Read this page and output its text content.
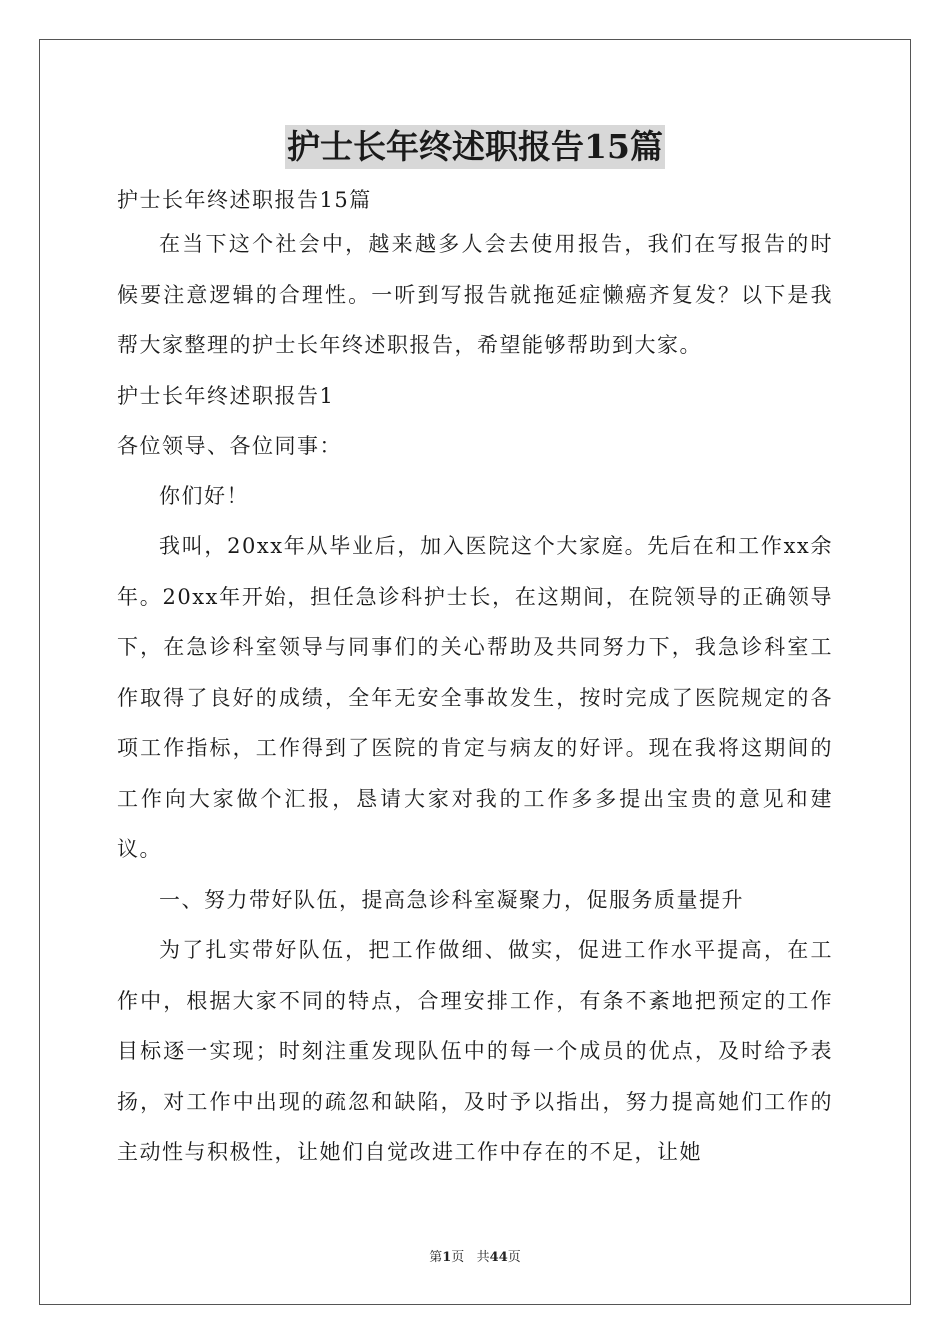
护士长年终述职报告15篇
护士长年终述职报告15篇

在当下这个社会中，越来越多人会去使用报告，我们在写报告的时候要注意逻辑的合理性。一听到写报告就拖延症懒癌齐复发？以下是我帮大家整理的护士长年终述职报告，希望能够帮助到大家。

护士长年终述职报告1
各位领导、各位同事：

你们好！

我叫，20xx年从毕业后，加入医院这个大家庭。先后在和工作xx余年。20xx年开始，担任急诊科护士长，在这期间，在院领导的正确领导下，在急诊科室领导与同事们的关心帮助及共同努力下，我急诊科室工作取得了良好的成绩，全年无安全事故发生，按时完成了医院规定的各项工作指标，工作得到了医院的肯定与病友的好评。现在我将这期间的工作向大家做个汇报，恳请大家对我的工作多多提出宝贵的意见和建议。

一、努力带好队伍，提高急诊科室凝聚力，促服务质量提升

为了扎实带好队伍，把工作做细、做实，促进工作水平提高，在工作中，根据大家不同的特点，合理安排工作，有条不紊地把预定的工作目标逐一实现；时刻注重发现队伍中的每一个成员的优点，及时给予表扬，对工作中出现的疏忽和缺陷，及时予以指出，努力提高她们工作的主动性与积极性，让她们自觉改进工作中存在的不足，让她

第1页   共44页
